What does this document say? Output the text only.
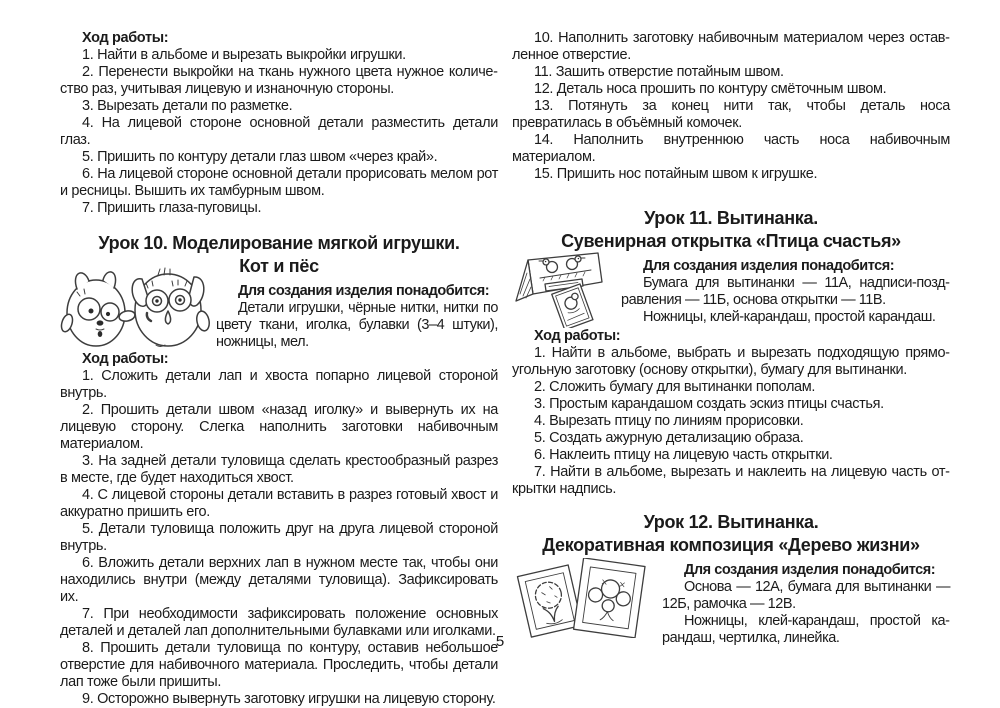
Ход работы:

1. Найти в альбоме и вырезать выкройки игрушки.

2. Перенести выкройки на ткань нужного цвета нужное количество раз, учитывая лицевую и изнаночную стороны.

3. Вырезать детали по разметке.

4. На лицевой стороне основной детали разместить детали глаз.

5. Пришить по контуру детали глаз швом «через край».

6. На лицевой стороне основной детали прорисовать мелом рот и ресницы. Вышить их тамбурным швом.

7. Пришить глаза-пуговицы.

Урок 10. Моделирование мягкой игрушки.
Кот и пёс

Для создания изделия понадобится:

Детали игрушки, чёрные нитки, нитки по цвету ткани, иголка, булавки (3–4 штуки), ножницы, мел.

Ход работы:

1. Сложить детали лап и хвоста попарно лицевой стороной внутрь.

2. Прошить детали швом «назад иголку» и вывернуть их на лицевую сторону. Слегка наполнить заготовки набивочным материалом.

3. На задней детали туловища сделать крестообразный разрез в месте, где будет находиться хвост.

4. С лицевой стороны детали вставить в разрез готовый хвост и аккуратно пришить его.

5. Детали туловища положить друг на друга лицевой стороной внутрь.

6. Вложить детали верхних лап в нужном месте так, чтобы они находились внутри (между деталями туловища). Зафиксировать их.

7. При необходимости зафиксировать положение основных деталей и деталей лап дополнительными булавками или иголками.

8. Прошить детали туловища по контуру, оставив небольшое отверстие для набивочного материала. Проследить, чтобы детали лап тоже были пришиты.

9. Осторожно вывернуть заготовку игрушки на лицевую сторону.

10. Наполнить заготовку набивочным материалом через оставленное отверстие.

11. Зашить отверстие потайным швом.

12. Деталь носа прошить по контуру смёточным швом.

13. Потянуть за конец нити так, чтобы деталь носа превратилась в объёмный комочек.

14. Наполнить внутреннюю часть носа набивочным материалом.

15. Пришить нос потайным швом к игрушке.

Урок 11. Вытинанка.
Сувенирная открытка «Птица счастья»

Для создания изделия понадобится:

Бумага для вытинанки — 11А, надписи-поздравления — 11Б, основа открытки — 11В.

Ножницы, клей-карандаш, простой карандаш.

Ход работы:

1. Найти в альбоме, выбрать и вырезать подходящую прямоугольную заготовку (основу открытки), бумагу для вытинанки.

2. Сложить бумагу для вытинанки пополам.

3. Простым карандашом создать эскиз птицы счастья.

4. Вырезать птицу по линиям прорисовки.

5. Создать ажурную детализацию образа.

6. Наклеить птицу на лицевую часть открытки.

7. Найти в альбоме, вырезать и наклеить на лицевую часть открытки надпись.

Урок 12. Вытинанка.
Декоративная композиция «Дерево жизни»

Для создания изделия понадобится:

Основа — 12А, бумага для вытинанки — 12Б, рамочка — 12В.

Ножницы, клей-карандаш, простой карандаш, чертилка, линейка.

5
